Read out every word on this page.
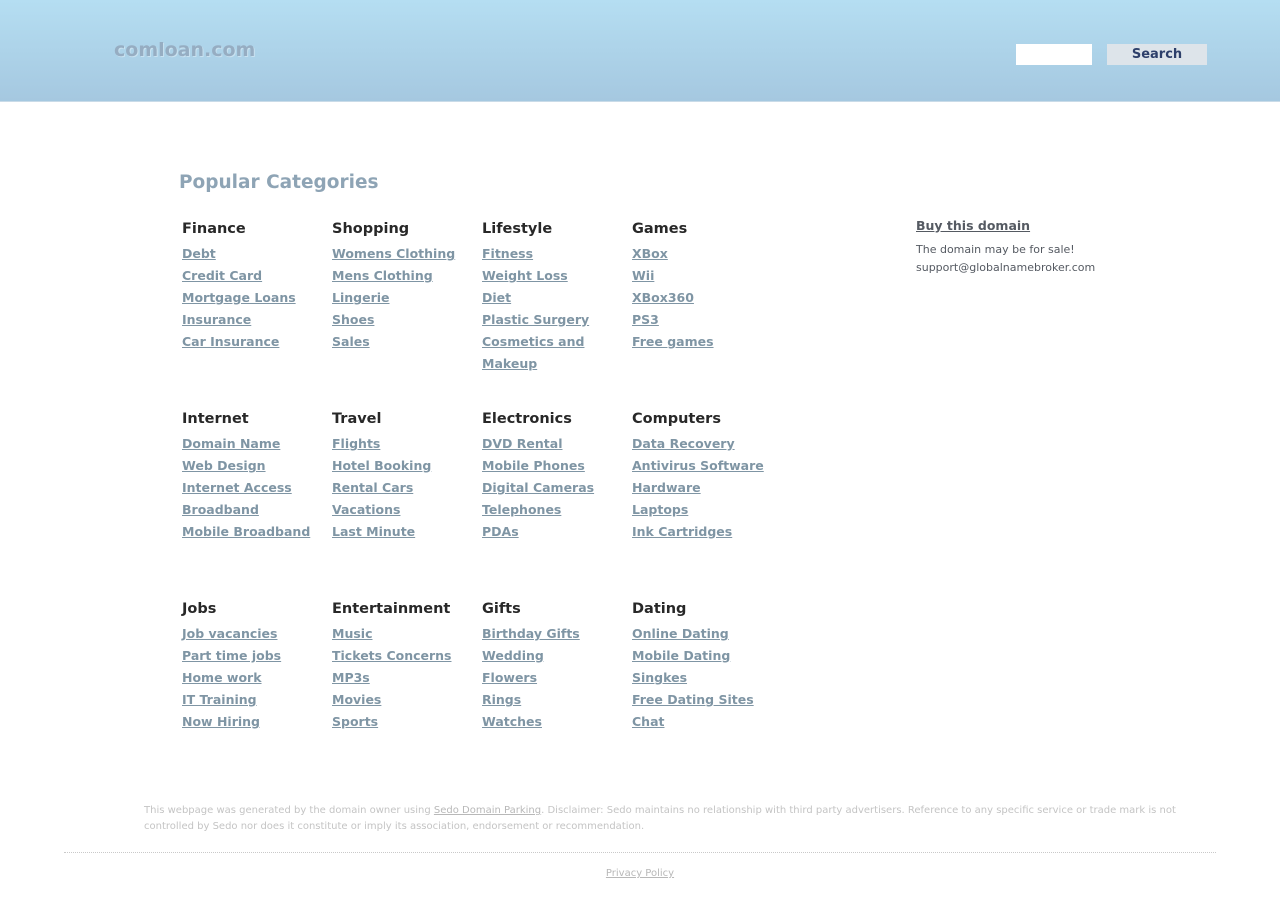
comloan.com	Search
Popular Categories
Finance
Debt
Credit Card
Mortgage Loans
Insurance
Car Insurance
Shopping
Womens Clothing
Mens Clothing
Lingerie
Shoes
Sales
Lifestyle
Fitness
Weight Loss
Diet
Plastic Surgery
Cosmetics and Makeup
Games
XBox
Wii
XBox360
PS3
Free games
Internet
Domain Name
Web Design
Internet Access
Broadband
Mobile Broadband
Travel
Flights
Hotel Booking
Rental Cars
Vacations
Last Minute
Electronics
DVD Rental
Mobile Phones
Digital Cameras
Telephones
PDAs
Computers
Data Recovery
Antivirus Software
Hardware
Laptops
Ink Cartridges
Jobs
Job vacancies
Part time jobs
Home work
IT Training
Now Hiring
Entertainment
Music
Tickets Concerns
MP3s
Movies
Sports
Gifts
Birthday Gifts
Wedding
Flowers
Rings
Watches
Dating
Online Dating
Mobile Dating
Singkes
Free Dating Sites
Chat
Buy this domain
The domain may be for sale!
support@globalnamebroker.com
This webpage was generated by the domain owner using Sedo Domain Parking. Disclaimer: Sedo maintains no relationship with third party advertisers. Reference to any specific service or trade mark is not controlled by Sedo nor does it constitute or imply its association, endorsement or recommendation.
Privacy Policy
